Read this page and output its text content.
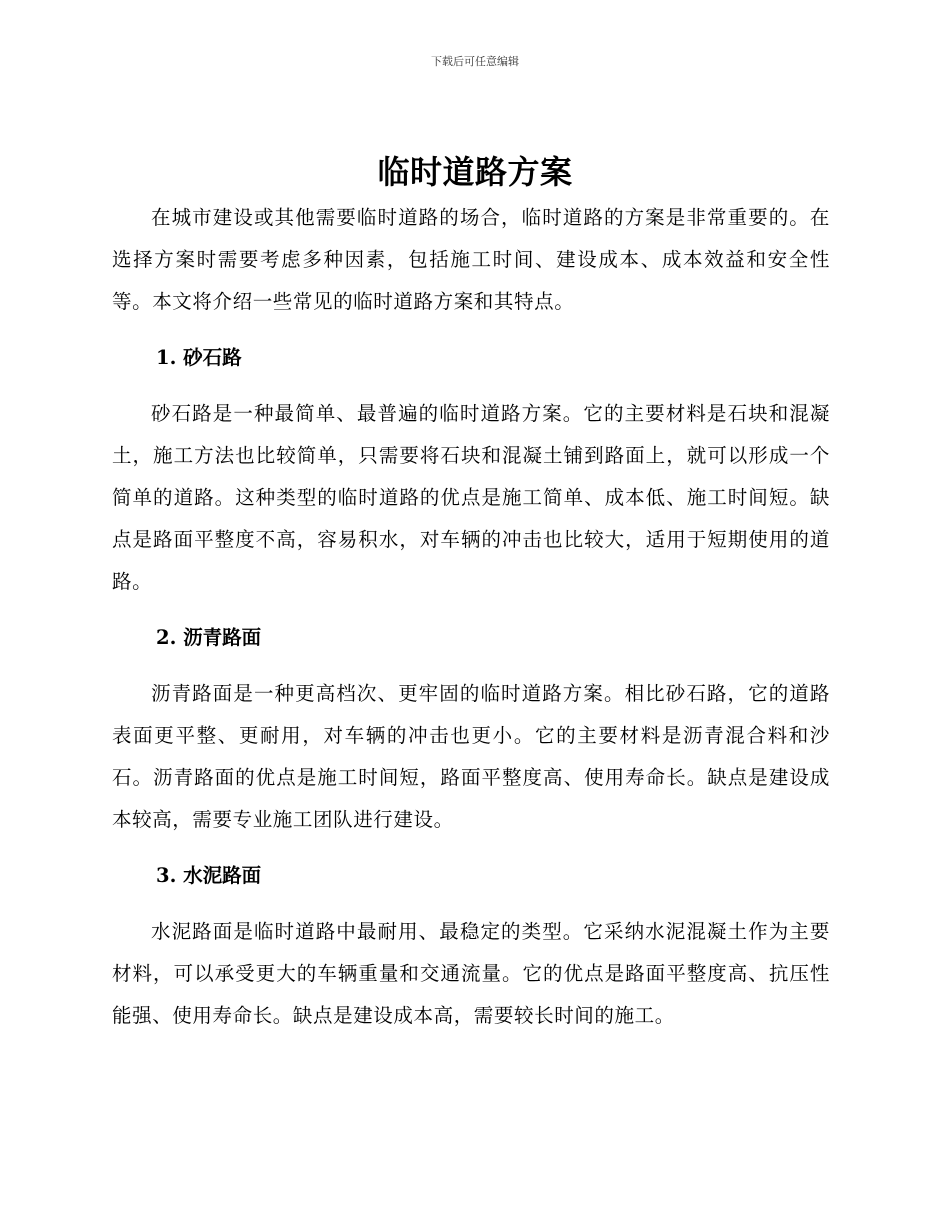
下载后可任意编辑
临时道路方案

在城市建设或其他需要临时道路的场合，临时道路的方案是非常重要的。在选择方案时需要考虑多种因素，包括施工时间、建设成本、成本效益和安全性等。本文将介绍一些常见的临时道路方案和其特点。

1. 砂石路

砂石路是一种最简单、最普遍的临时道路方案。它的主要材料是石块和混凝土，施工方法也比较简单，只需要将石块和混凝土铺到路面上，就可以形成一个简单的道路。这种类型的临时道路的优点是施工简单、成本低、施工时间短。缺点是路面平整度不高，容易积水，对车辆的冲击也比较大，适用于短期使用的道路。

2. 沥青路面

沥青路面是一种更高档次、更牢固的临时道路方案。相比砂石路，它的道路表面更平整、更耐用，对车辆的冲击也更小。它的主要材料是沥青混合料和沙石。沥青路面的优点是施工时间短，路面平整度高、使用寿命长。缺点是建设成本较高，需要专业施工团队进行建设。

3. 水泥路面

水泥路面是临时道路中最耐用、最稳定的类型。它采纳水泥混凝土作为主要材料，可以承受更大的车辆重量和交通流量。它的优点是路面平整度高、抗压性能强、使用寿命长。缺点是建设成本高，需要较长时间的施工。
